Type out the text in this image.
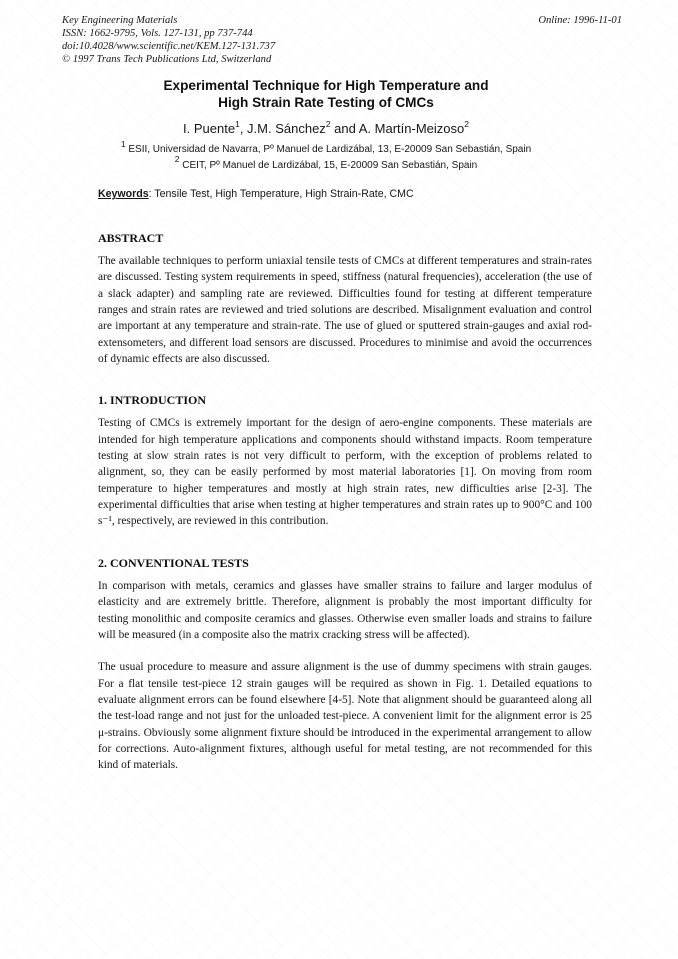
Key Engineering Materials

ISSN: 1662-9795, Vols. 127-131, pp 737-744

doi:10.4028/www.scientific.net/KEM.127-131.737

© 1997 Trans Tech Publications Ltd, Switzerland

Online: 1996-11-01

Experimental Technique for High Temperature and
High Strain Rate Testing of CMCs
I. Puente$^1$, J.M. Sánchez$^2$ and A. Martín-Meizoso$^2$
$^1$ ESII, Universidad de Navarra, Pº Manuel de Lardizábal, 13, E-20009 San Sebastián, Spain
$^2$ CEIT, Pº Manuel de Lardizábal, 15, E-20009 San Sebastián, Spain
Keywords: Tensile Test, High Temperature, High Strain-Rate, CMC
ABSTRACT

The available techniques to perform uniaxial tensile tests of CMCs at different temperatures and strain-rates are discussed. Testing system requirements in speed, stiffness (natural frequencies), acceleration (the use of a slack adapter) and sampling rate are reviewed. Difficulties found for testing at different temperature ranges and strain rates are reviewed and tried solutions are described. Misalignment evaluation and control are important at any temperature and strain-rate. The use of glued or sputtered strain-gauges and axial rod-extensometers, and different load sensors are discussed. Procedures to minimise and avoid the occurrences of dynamic effects are also discussed.

1. INTRODUCTION

Testing of CMCs is extremely important for the design of aero-engine components. These materials are intended for high temperature applications and components should withstand impacts. Room temperature testing at slow strain rates is not very difficult to perform, with the exception of problems related to alignment, so, they can be easily performed by most material laboratories [1]. On moving from room temperature to higher temperatures and mostly at high strain rates, new difficulties arise [2-3]. The experimental difficulties that arise when testing at higher temperatures and strain rates up to 900°C and 100 s⁻¹, respectively, are reviewed in this contribution.

2. CONVENTIONAL TESTS

In comparison with metals, ceramics and glasses have smaller strains to failure and larger modulus of elasticity and are extremely brittle. Therefore, alignment is probably the most important difficulty for testing monolithic and composite ceramics and glasses. Otherwise even smaller loads and strains to failure will be measured (in a composite also the matrix cracking stress will be affected).

The usual procedure to measure and assure alignment is the use of dummy specimens with strain gauges. For a flat tensile test-piece 12 strain gauges will be required as shown in Fig. 1. Detailed equations to evaluate alignment errors can be found elsewhere [4-5]. Note that alignment should be guaranteed along all the test-load range and not just for the unloaded test-piece. A convenient limit for the alignment error is 25 μ-strains. Obviously some alignment fixture should be introduced in the experimental arrangement to allow for corrections. Auto-alignment fixtures, although useful for metal testing, are not recommended for this kind of materials.
